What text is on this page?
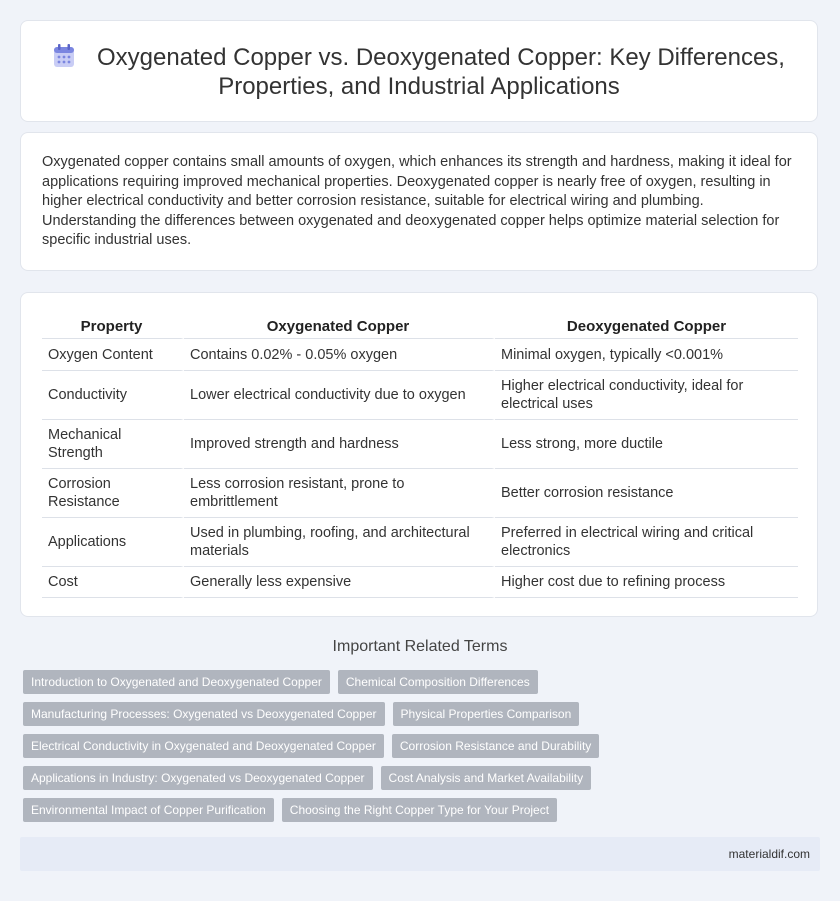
Oxygenated Copper vs. Deoxygenated Copper: Key Differences, Properties, and Industrial Applications

Oxygenated copper contains small amounts of oxygen, which enhances its strength and hardness, making it ideal for applications requiring improved mechanical properties. Deoxygenated copper is nearly free of oxygen, resulting in higher electrical conductivity and better corrosion resistance, suitable for electrical wiring and plumbing. Understanding the differences between oxygenated and deoxygenated copper helps optimize material selection for specific industrial uses.

Property	Oxygenated Copper	Deoxygenated Copper
Oxygen Content	Contains 0.02% - 0.05% oxygen	Minimal oxygen, typically <0.001%
Conductivity	Lower electrical conductivity due to oxygen	Higher electrical conductivity, ideal for electrical uses
Mechanical Strength	Improved strength and hardness	Less strong, more ductile
Corrosion Resistance	Less corrosion resistant, prone to embrittlement	Better corrosion resistance
Applications	Used in plumbing, roofing, and architectural materials	Preferred in electrical wiring and critical electronics
Cost	Generally less expensive	Higher cost due to refining process
Important Related Terms
Introduction to Oxygenated and Deoxygenated Copper	Chemical Composition Differences
Manufacturing Processes: Oxygenated vs Deoxygenated Copper	Physical Properties Comparison
Electrical Conductivity in Oxygenated and Deoxygenated Copper	Corrosion Resistance and Durability
Applications in Industry: Oxygenated vs Deoxygenated Copper	Cost Analysis and Market Availability
Environmental Impact of Copper Purification	Choosing the Right Copper Type for Your Project
materialdif.com
